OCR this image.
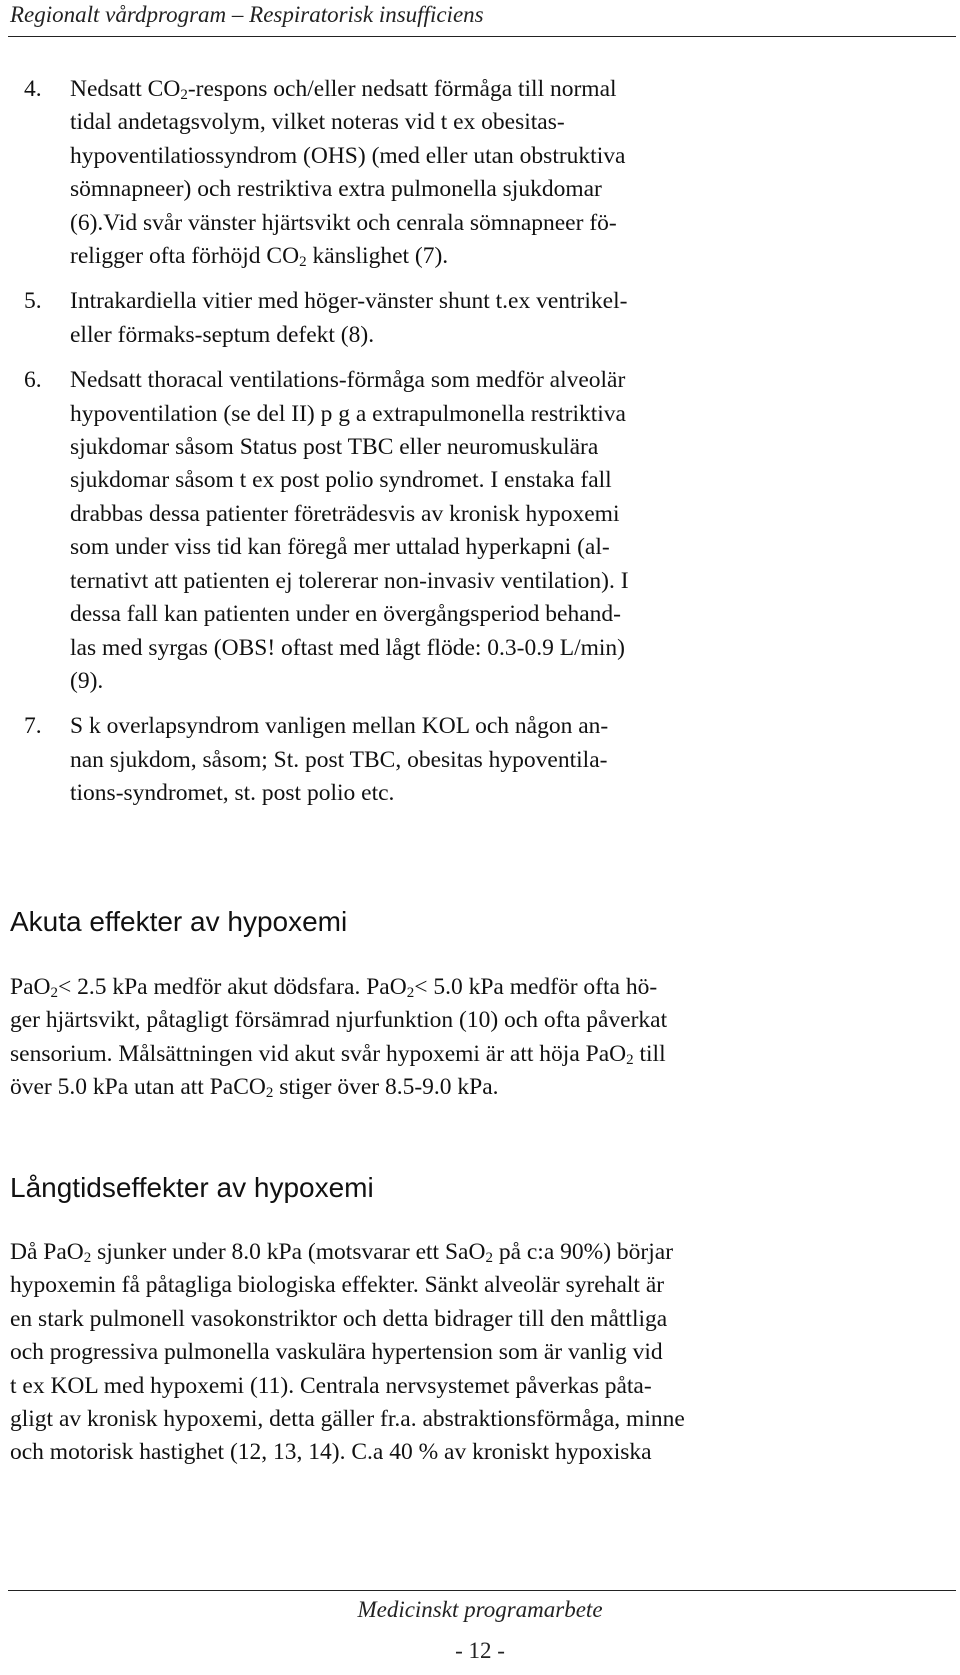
Regionalt vårdprogram – Respiratorisk insufficiens
4.	Nedsatt $CO_2$-respons och/eller nedsatt förmåga till normal
tidal andetagsvolym, vilket noteras vid t ex obesitas-
hypoventilatiossyndrom (OHS) (med eller utan obstruktiva
sömnapneer) och restriktiva extra pulmonella sjukdomar
(6).Vid svår vänster hjärtsvikt och cenrala sömnapneer fö-
religger ofta förhöjd $CO_2$ känslighet (7).
5.	Intrakardiella vitier med höger-vänster shunt t.ex ventrikel-
eller förmaks-septum defekt (8).
6.	Nedsatt thoracal ventilations-förmåga som medför alveolär
hypoventilation (se del II) p g a extrapulmonella restriktiva
sjukdomar såsom Status post TBC eller neuromuskulära
sjukdomar såsom t ex post polio syndromet. I enstaka fall
drabbas dessa patienter företrädesvis av kronisk hypoxemi
som under viss tid kan föregå mer uttalad hyperkapni (al-
ternativt att patienten ej tolererar non-invasiv ventilation). I
dessa fall kan patienten under en övergångsperiod behand-
las med syrgas (OBS! oftast med lågt flöde: 0.3-0.9 L/min)
(9).
7.	S k overlapsyndrom vanligen mellan KOL och någon an-
nan sjukdom, såsom; St. post TBC, obesitas hypoventila-
tions-syndromet, st. post polio etc.
Akuta effekter av hypoxemi
PaO$_2$< 2.5 kPa medför akut dödsfara. PaO$_2$< 5.0 kPa medför ofta hö-
ger hjärtsvikt, påtagligt försämrad njurfunktion (10) och ofta påverkat
sensorium. Målsättningen vid akut svår hypoxemi är att höja PaO$_2$ till
över 5.0 kPa utan att PaCO$_2$ stiger över 8.5-9.0 kPa.
Långtidseffekter av hypoxemi
Då PaO$_2$ sjunker under 8.0 kPa (motsvarar ett SaO$_2$ på c:a 90%) börjar
hypoxemin få påtagliga biologiska effekter. Sänkt alveolär syrehalt är
en stark pulmonell vasokonstriktor och detta bidrager till den måttliga
och progressiva pulmonella vaskulära hypertension som är vanlig vid
t ex KOL med hypoxemi (11). Centrala nervsystemet påverkas påta-
gligt av kronisk hypoxemi, detta gäller fr.a. abstraktionsförmåga, minne
och motorisk hastighet (12, 13, 14). C.a 40 % av kroniskt hypoxiska
Medicinskt programarbete
- 12 -
